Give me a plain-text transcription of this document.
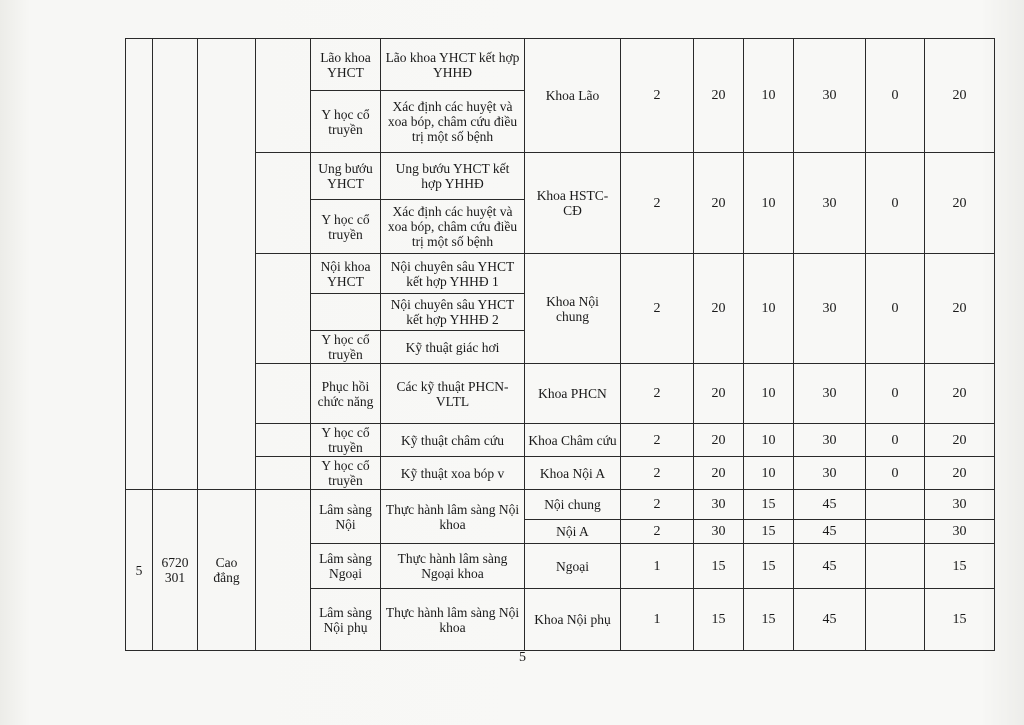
				Lão khoa YHCT	Lão khoa YHCT kết hợp YHHĐ	Khoa Lão	2	20	10	30	0	20
				Y học cổ truyền	Xác định các huyệt và xoa bóp, châm cứu điều trị một số bệnh							
				Ung bướu YHCT	Ung bướu YHCT kết hợp YHHĐ	Khoa HSTC-CĐ	2	20	10	30	0	20
				Y học cổ truyền	Xác định các huyệt và xoa bóp, châm cứu điều trị một số bệnh							
				Nội khoa YHCT	Nội chuyên sâu YHCT kết hợp YHHĐ 1	Khoa Nội chung	2	20	10	30	0	20
					Nội chuyên sâu YHCT kết hợp YHHĐ 2							
				Y học cổ truyền	Kỹ thuật giác hơi							
				Phục hồi chức năng	Các kỹ thuật PHCN-VLTL	Khoa PHCN	2	20	10	30	0	20
				Y học cổ truyền	Kỹ thuật châm cứu	Khoa Châm cứu	2	20	10	30	0	20
				Y học cổ truyền	Kỹ thuật xoa bóp v	Khoa Nội A	2	20	10	30	0	20
5	6720 301	Cao đẳng		Lâm sàng Nội	Thực hành lâm sàng Nội khoa	Nội chung	2	30	15	45		30
						Nội A	2	30	15	45		30
				Lâm sàng Ngoại	Thực hành lâm sàng Ngoại khoa	Ngoại	1	15	15	45		15
				Lâm sàng Nội phụ	Thực hành lâm sàng Nội khoa	Khoa Nội phụ	1	15	15	45		15
5
